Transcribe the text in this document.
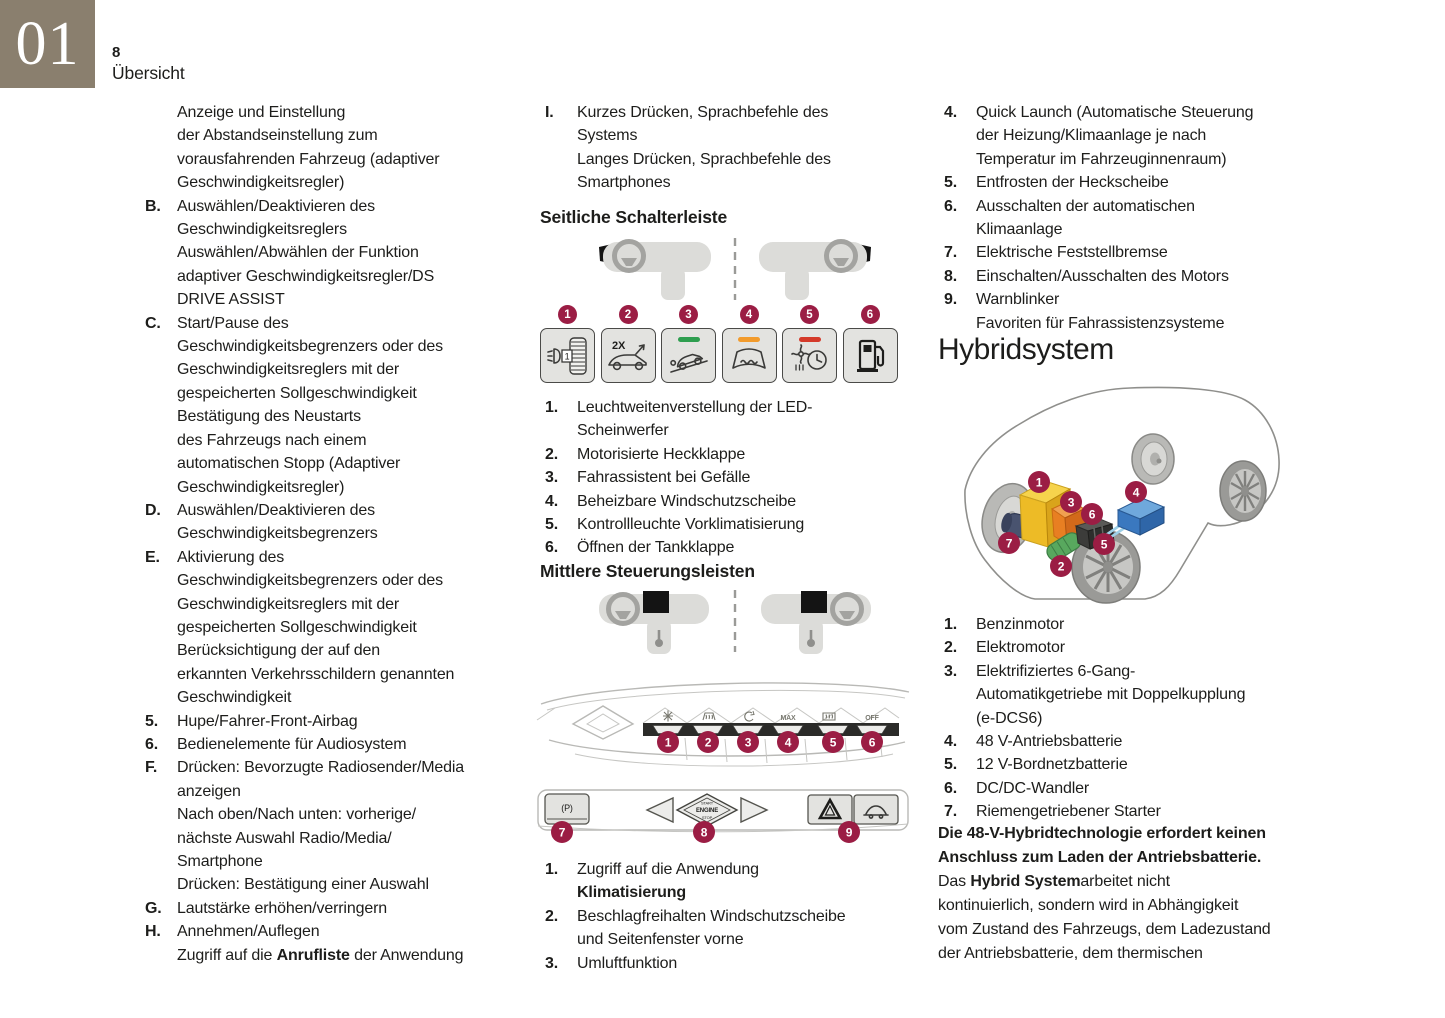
01 8
Übersicht
Anzeige und Einstellung
der Abstandseinstellung zum
vorausfahrenden Fahrzeug (adaptiver
Geschwindigkeitsregler)
B. Auswählen/Deaktivieren des
Geschwindigkeitsreglers
Auswählen/Abwählen der Funktion
adaptiver Geschwindigkeitsregler/DS
DRIVE ASSIST
C. Start/Pause des
Geschwindigkeitsbegrenzers oder des
Geschwindigkeitsreglers mit der
gespeicherten Sollgeschwindigkeit
Bestätigung des Neustarts
des Fahrzeugs nach einem
automatischen Stopp (Adaptiver
Geschwindigkeitsregler)
D. Auswählen/Deaktivieren des
Geschwindigkeitsbegrenzers
E. Aktivierung des
Geschwindigkeitsbegrenzers oder des
Geschwindigkeitsreglers mit der
gespeicherten Sollgeschwindigkeit
Berücksichtigung der auf den
erkannten Verkehrsschildern genannten
Geschwindigkeit
5. Hupe/Fahrer-Front-Airbag
6. Bedienelemente für Audiosystem
F. Drücken: Bevorzugte Radiosender/Media
anzeigen
Nach oben/Nach unten: vorherige/
nächste Auswahl Radio/Media/
Smartphone
Drücken: Bestätigung einer Auswahl
G. Lautstärke erhöhen/verringern
H. Annehmen/Auflegen
Zugriff auf die Anrufliste der Anwendung
I. Kurzes Drücken, Sprachbefehle des
Systems
Langes Drücken, Sprachbefehle des
Smartphones
Seitliche Schalterleiste
1
1
2
2X
3	4	5	6
1. Leuchtweitenverstellung der LED-
Scheinwerfer
2. Motorisierte Heckklappe
3. Fahrassistent bei Gefälle
4. Beheizbare Windschutzscheibe
5. Kontrollleuchte Vorklimatisierung
6. Öffnen der Tankklappe
Mittlere Steuerungsleisten
MAX	OFF
1	2	3	4	5	6
(P)	START
ENGINE
STOP
7	8	9
1. Zugriff auf die Anwendung
Klimatisierung
2. Beschlagfreihalten Windschutzscheibe
und Seitenfenster vorne
3. Umluftfunktion
4. Quick Launch (Automatische Steuerung
der Heizung/Klimaanlage je nach
Temperatur im Fahrzeuginnenraum)
5. Entfrosten der Heckscheibe
6. Ausschalten der automatischen
Klimaanlage
7. Elektrische Feststellbremse
8. Einschalten/Ausschalten des Motors
9. Warnblinker
Favoriten für Fahrassistenzsysteme
Hybridsystem
1
2
3
4
5
6
7
1. Benzinmotor
2. Elektromotor
3. Elektrifiziertes 6-Gang-
Automatikgetriebe mit Doppelkupplung
(e-DCS6)
4. 48 V-Antriebsbatterie
5. 12 V-Bordnetzbatterie
6. DC/DC-Wandler
7. Riemengetriebener Starter
Die 48-V-Hybridtechnologie erfordert keinen
Anschluss zum Laden der Antriebsbatterie.
Das Hybrid Systemarbeitet nicht
kontinuierlich, sondern wird in Abhängigkeit
vom Zustand des Fahrzeugs, dem Ladezustand
der Antriebsbatterie, dem thermischen
